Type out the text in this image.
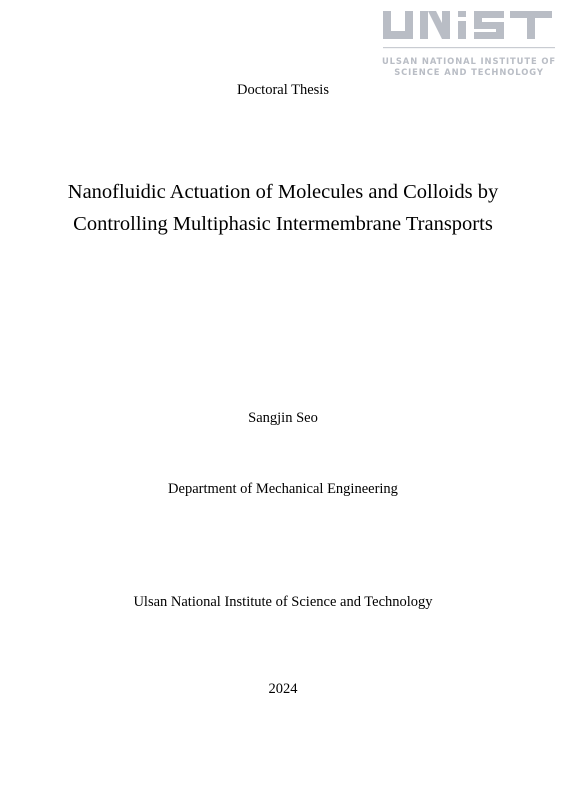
ULSAN NATIONAL INSTITUTE OF
SCIENCE AND TECHNOLOGY
Doctoral Thesis
Nanofluidic Actuation of Molecules and Colloids by
Controlling Multiphasic Intermembrane Transports
Sangjin Seo
Department of Mechanical Engineering
Ulsan National Institute of Science and Technology
2024
